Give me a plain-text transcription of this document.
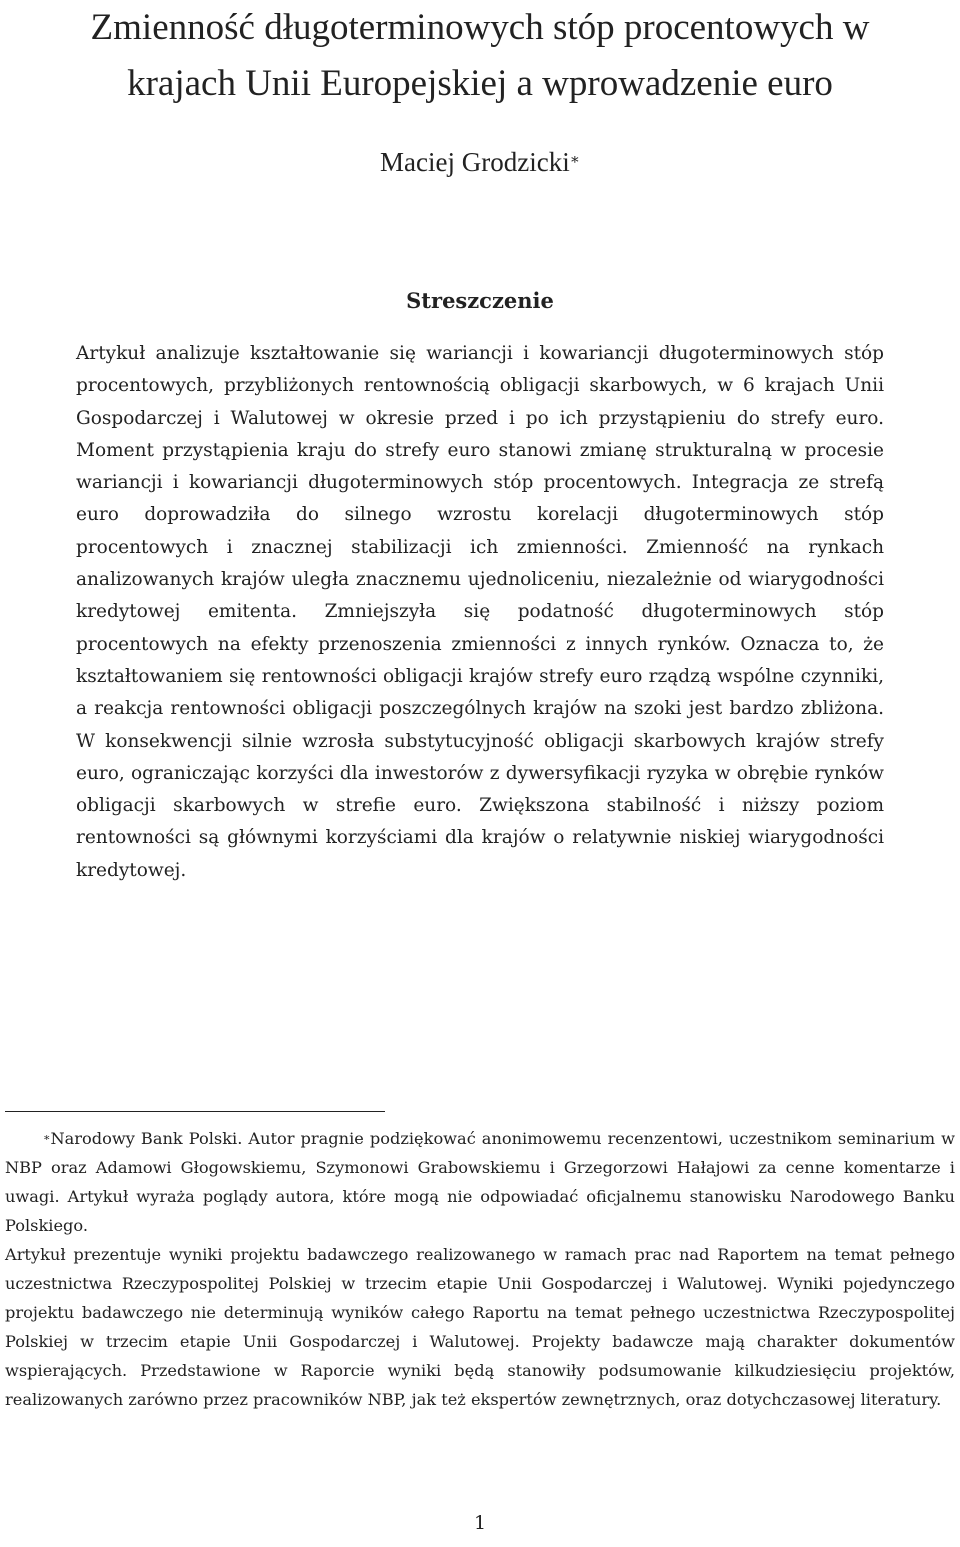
Zmienność długoterminowych stóp procentowych w
krajach Unii Europejskiej a wprowadzenie euro
Maciej Grodzicki∗
Streszczenie
Artykuł analizuje kształtowanie się wariancji i kowariancji długoterminowych stóp procentowych, przybliżonych rentownością obligacji skarbowych, w 6 krajach Unii Gospodarczej i Walutowej w okresie przed i po ich przystąpieniu do strefy euro. Moment przystąpienia kraju do strefy euro stanowi zmianę strukturalną w procesie wariancji i kowariancji długoterminowych stóp procentowych. Integracja ze strefą euro doprowadziła do silnego wzrostu korelacji długoterminowych stóp procentowych i znacznej stabilizacji ich zmienności. Zmienność na rynkach analizowanych krajów uległa znacznemu ujednoliceniu, niezależnie od wiarygodności kredytowej emitenta. Zmniejszyła się podatność długoterminowych stóp procentowych na efekty przenoszenia zmienności z innych rynków. Oznacza to, że kształtowaniem się rentowności obligacji krajów strefy euro rządzą wspólne czynniki, a reakcja rentowności obligacji poszczególnych krajów na szoki jest bardzo zbliżona. W konsekwencji silnie wzrosła substytucyjność obligacji skarbowych krajów strefy euro, ograniczając korzyści dla inwestorów z dywersyfikacji ryzyka w obrębie rynków obligacji skarbowych w strefie euro. Zwiększona stabilność i niższy poziom rentowności są głównymi korzyściami dla krajów o relatywnie niskiej wiarygodności kredytowej.

∗Narodowy Bank Polski. Autor pragnie podziękować anonimowemu recenzentowi, uczestnikom seminarium w NBP oraz Adamowi Głogowskiemu, Szymonowi Grabowskiemu i Grzegorzowi Hałajowi za cenne komentarze i uwagi. Artykuł wyraża poglądy autora, które mogą nie odpowiadać oficjalnemu stanowisku Narodowego Banku Polskiego.

Artykuł prezentuje wyniki projektu badawczego realizowanego w ramach prac nad Raportem na temat pełnego uczestnictwa Rzeczypospolitej Polskiej w trzecim etapie Unii Gospodarczej i Walutowej. Wyniki pojedynczego projektu badawczego nie determinują wyników całego Raportu na temat pełnego uczestnictwa Rzeczypospolitej Polskiej w trzecim etapie Unii Gospodarczej i Walutowej. Projekty badawcze mają charakter dokumentów wspierających. Przedstawione w Raporcie wyniki będą stanowiły podsumowanie kilkudziesięciu projektów, realizowanych zarówno przez pracowników NBP, jak też ekspertów zewnętrznych, oraz dotychczasowej literatury.

1
